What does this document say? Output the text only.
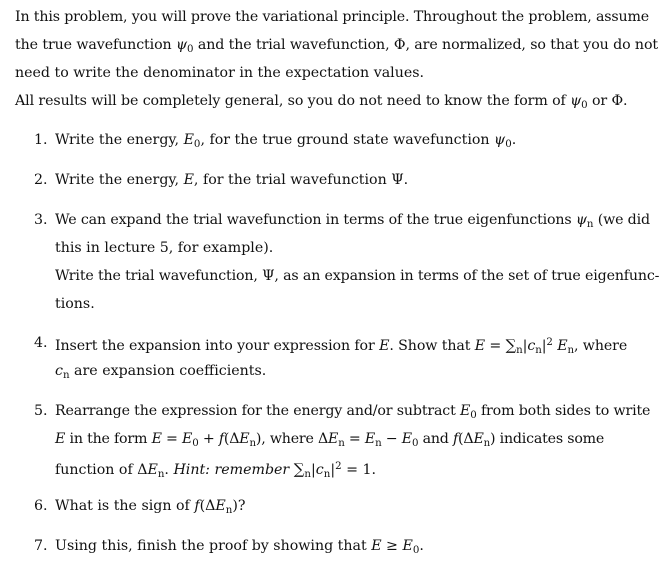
In this problem, you will prove the variational principle. Throughout the problem, assume
the true wavefunction $\psi_0$ and the trial wavefunction, Φ, are normalized, so that you do not
need to write the denominator in the expectation values.
All results will be completely general, so you do not need to know the form of $\psi_0$ or Φ.
1. Write the energy, $E_0$, for the true ground state wavefunction $\psi_0$.
2. Write the energy, E, for the trial wavefunction Ψ.
3. We can expand the trial wavefunction in terms of the true eigenfunctions $\psi_n$ (we did
this in lecture 5, for example).
Write the trial wavefunction, Ψ, as an expansion in terms of the set of true eigenfunc-
tions.
4. Insert the expansion into your expression for E. Show that $E = \sum_n|c_n|^2$ $E_n$, where
$c_n$ are expansion coefficients.
5. Rearrange the expression for the energy and/or subtract $E_0$ from both sides to write
E in the form $E = E_0 + f(\Delta E_n)$, where $\Delta E_n = E_n - E_0$ and $f(\Delta E_n)$ indicates some
function of $\Delta E_n$. Hint: remember $\sum_n|c_n|^2 = 1$.
6. What is the sign of $f(\Delta E_n)$?
7. Using this, finish the proof by showing that $E \ge E_0$.
